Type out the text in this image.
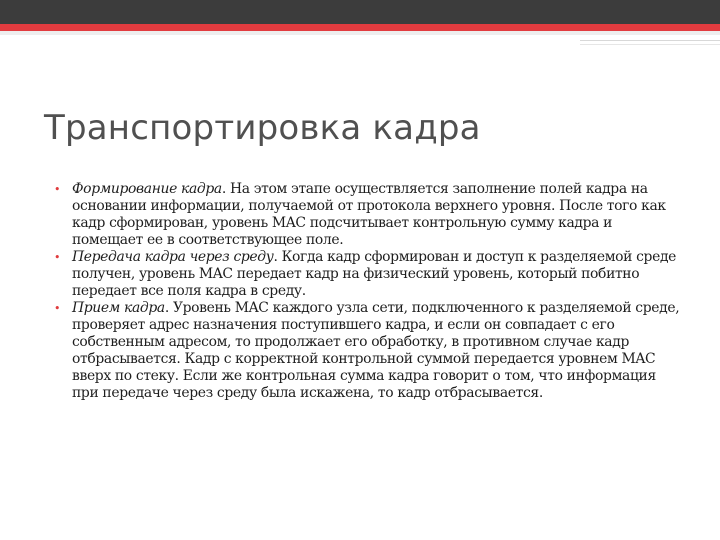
Транспортировка кадра
• Формирование кадра. На этом этапе осуществляется заполнение полей кадра на основании информации, получаемой от протокола верхнего уровня. После того как кадр сформирован, уровень MAC подсчитывает контрольную сумму кадра и помещает ее в соответствующее поле.
• Передача кадра через среду. Когда кадр сформирован и доступ к разделяемой среде получен, уровень MAC передает кадр на физический уровень, который побитно передает все поля кадра в среду.
• Прием кадра. Уровень MAC каждого узла сети, подключенного к разделяемой среде, проверяет адрес назначения поступившего кадра, и если он совпадает с его собственным адресом, то продолжает его обработку, в противном случае кадр отбрасывается. Кадр с корректной контрольной суммой передается уровнем MAC вверх по стеку. Если же контрольная сумма кадра говорит о том, что информация при передаче через среду была искажена, то кадр отбрасывается.
